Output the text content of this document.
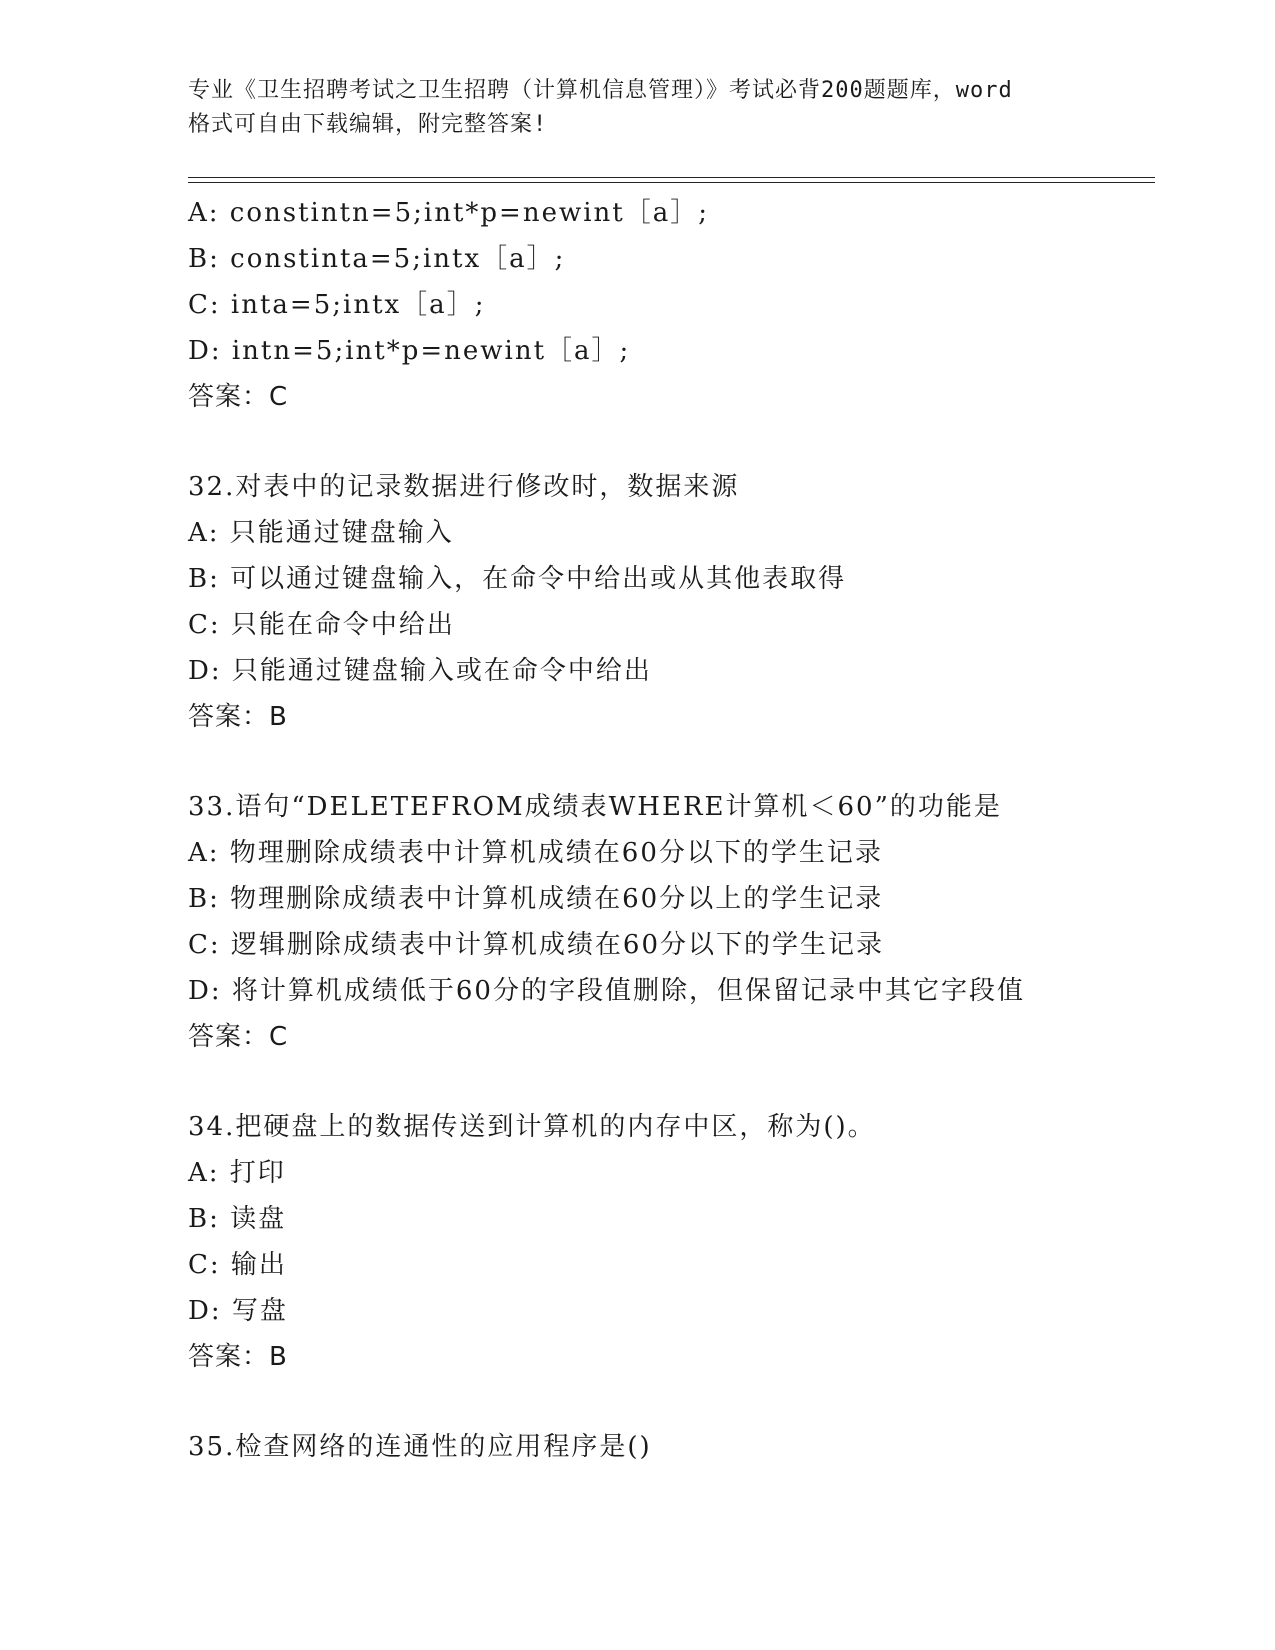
专业《卫生招聘考试之卫生招聘（计算机信息管理）》考试必背200题题库，word
格式可自由下载编辑，附完整答案!
A: constintn=5;int*p=newint［a］;
B: constinta=5;intx［a］;
C: inta=5;intx［a］;
D: intn=5;int*p=newint［a］;
答案：C
32.对表中的记录数据进行修改时，数据来源
A: 只能通过键盘输入
B: 可以通过键盘输入，在命令中给出或从其他表取得
C: 只能在命令中给出
D: 只能通过键盘输入或在命令中给出
答案：B
33.语句“DELETEFROM成绩表WHERE计算机＜60”的功能是
A: 物理删除成绩表中计算机成绩在60分以下的学生记录
B: 物理删除成绩表中计算机成绩在60分以上的学生记录
C: 逻辑删除成绩表中计算机成绩在60分以下的学生记录
D: 将计算机成绩低于60分的字段值删除，但保留记录中其它字段值
答案：C
34.把硬盘上的数据传送到计算机的内存中区，称为()。
A: 打印
B: 读盘
C: 输出
D: 写盘
答案：B
35.检查网络的连通性的应用程序是()
